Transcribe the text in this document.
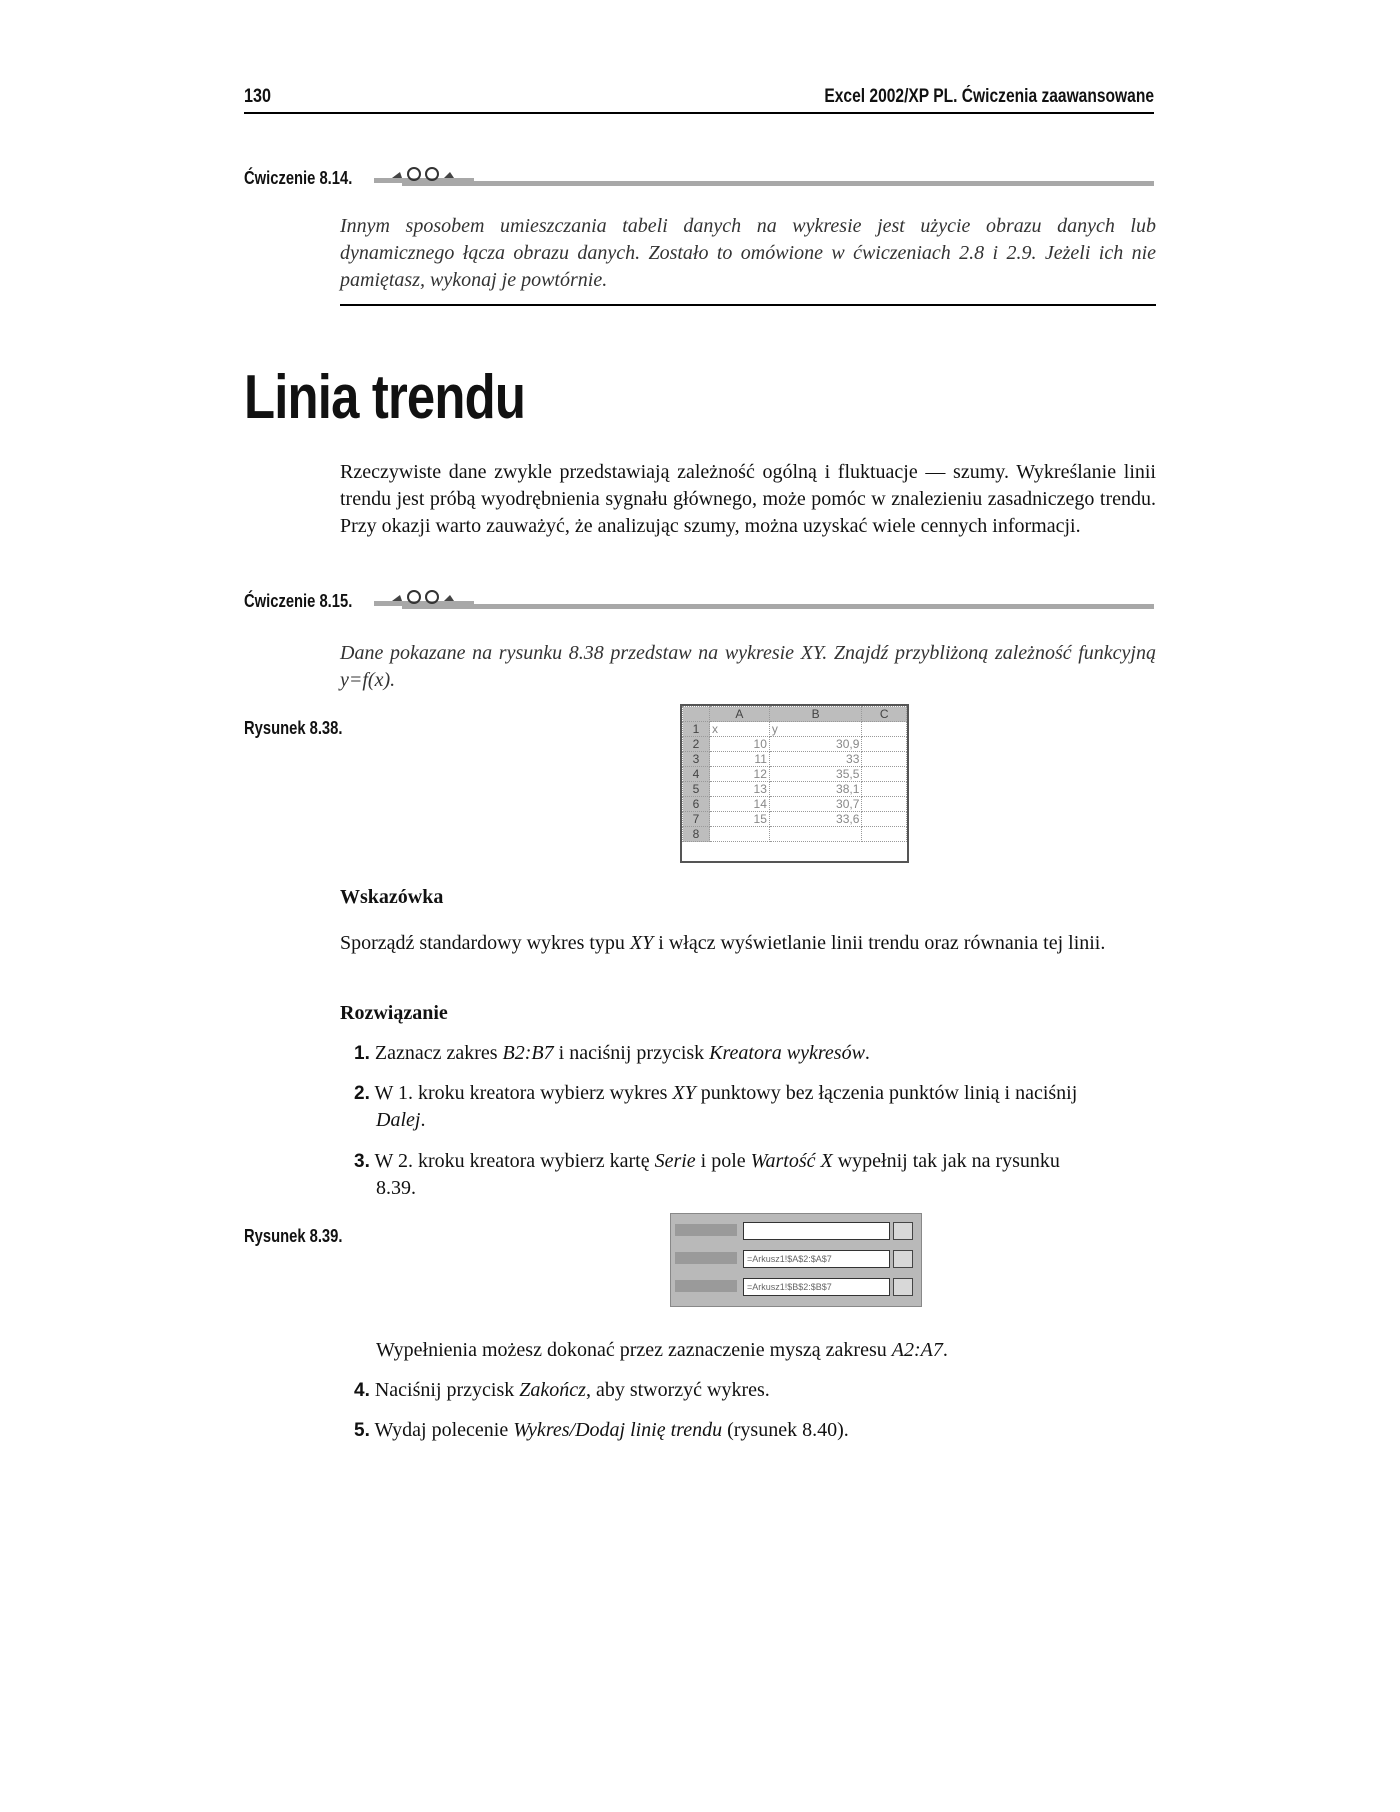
130	Excel 2002/XP PL. Ćwiczenia zaawansowane
Ćwiczenie 8.14.
Innym sposobem umieszczania tabeli danych na wykresie jest użycie obrazu danych lub dynamicznego łącza obrazu danych. Zostało to omówione w ćwiczeniach 2.8 i 2.9. Jeżeli ich nie pamiętasz, wykonaj je powtórnie.
Linia trendu
Rzeczywiste dane zwykle przedstawiają zależność ogólną i fluktuacje — szumy. Wykreślanie linii trendu jest próbą wyodrębnienia sygnału głównego, może pomóc w znalezieniu zasadniczego trendu. Przy okazji warto zauważyć, że analizując szumy, można uzyskać wiele cennych informacji.
Ćwiczenie 8.15.
Dane pokazane na rysunku 8.38 przedstaw na wykresie XY. Znajdź przybliżoną zależność funkcyjną y=f(x).
Rysunek 8.38.
	A	B	C
1	x	y	
2	10	30,9	
3	11	33	
4	12	35,5	
5	13	38,1	
6	14	30,7	
7	15	33,6	
8			
Wskazówka
Sporządź standardowy wykres typu XY i włącz wyświetlanie linii trendu oraz równania tej linii.
Rozwiązanie
1. Zaznacz zakres B2:B7 i naciśnij przycisk Kreatora wykresów.
2. W 1. kroku kreatora wybierz wykres XY punktowy bez łączenia punktów linią i naciśnij Dalej.
3. W 2. kroku kreatora wybierz kartę Serie i pole Wartość X wypełnij tak jak na rysunku 8.39.
Rysunek 8.39.
=Arkusz1!$A$2:$A$7
=Arkusz1!$B$2:$B$7
Wypełnienia możesz dokonać przez zaznaczenie myszą zakresu A2:A7.
4. Naciśnij przycisk Zakończ, aby stworzyć wykres.
5. Wydaj polecenie Wykres/Dodaj linię trendu (rysunek 8.40).
